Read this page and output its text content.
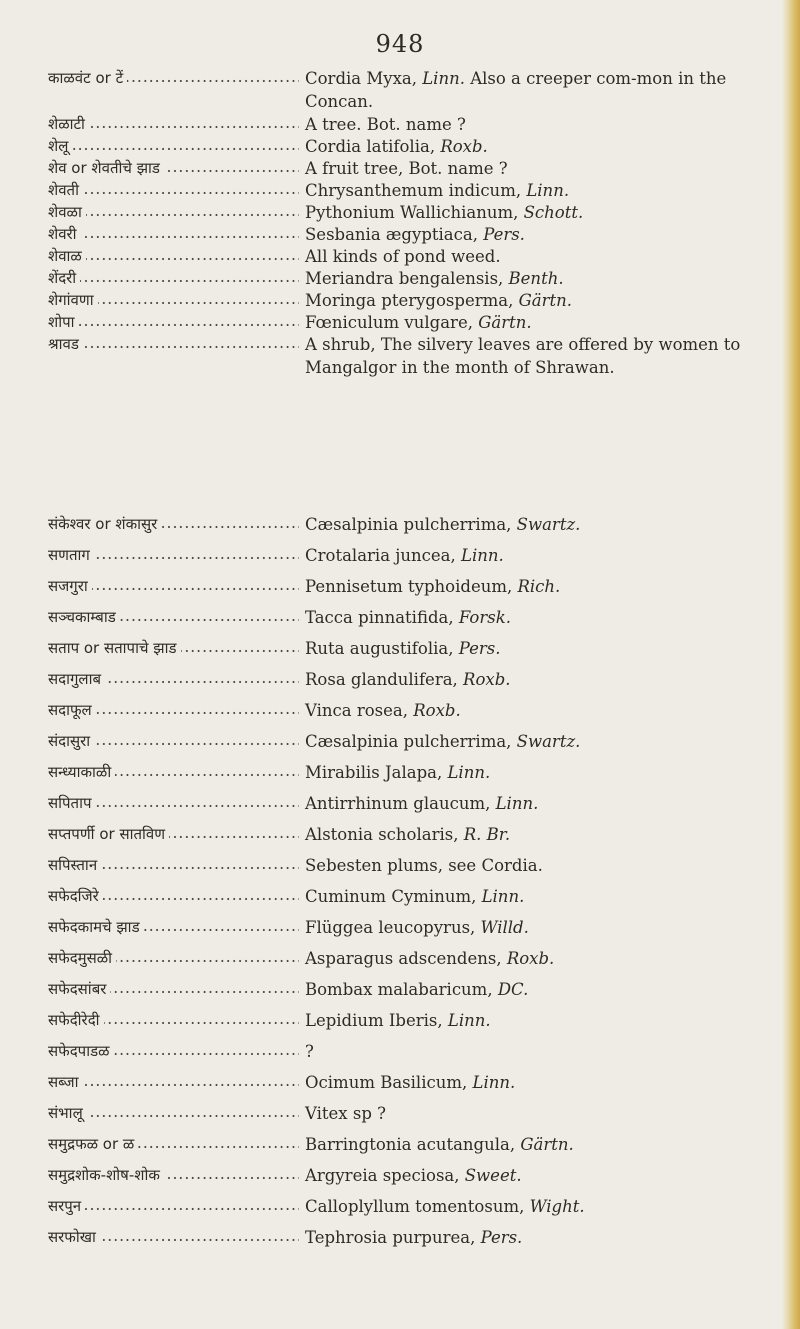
948
काळवंट or टें .....	Cordia Myxa, Linn. Also a creeper com-mon in the Concan.
शेळाटी .....	A tree. Bot. name ?
शेलू .....	Cordia latifolia, Roxb.
शेव or शेवतीचे झाड .....	A fruit tree, Bot. name ?
शेवती .....	Chrysanthemum indicum, Linn.
शेवळा .....	Pythonium Wallichianum, Schott.
शेवरी .....	Sesbania ægyptiaca, Pers.
शेवाळ .....	All kinds of pond weed.
शेंदरी .....	Meriandra bengalensis, Benth.
शेगांवणा .....	Moringa pterygosperma, Gärtn.
शोपा .....	Fœniculum vulgare, Gärtn.
श्रावड .....	A shrub, The silvery leaves are offered by women to Mangalgor in the month of Shrawan.
संकेश्वर or शंकासुर .....	Cæsalpinia pulcherrima, Swartz.
सणताग .....	Crotalaria juncea, Linn.
सजगुरा .....	Pennisetum typhoideum, Rich.
सञ्चकाम्बाड .....	Tacca pinnatifida, Forsk.
सताप or सतापाचे झाड .....	Ruta augustifolia, Pers.
सदागुलाब .....	Rosa glandulifera, Roxb.
सदाफूल .....	Vinca rosea, Roxb.
संदासुरा .....	Cæsalpinia pulcherrima, Swartz.
सन्ध्याकाळी .....	Mirabilis Jalapa, Linn.
सपिताप .....	Antirrhinum glaucum, Linn.
सप्तपर्णी or सातविण .....	Alstonia scholaris, R. Br.
सपिस्तान .....	Sebesten plums, see Cordia.
सफेदजिरे .....	Cuminum Cyminum, Linn.
सफेदकामचे झाड .....	Flüggea leucopyrus, Willd.
सफेदमुसळी .....	Asparagus adscendens, Roxb.
सफेदसांबर .....	Bombax malabaricum, DC.
सफेदीरेदी .....	Lepidium Iberis, Linn.
सफेदपाडळ .....	?
सब्जा .....	Ocimum Basilicum, Linn.
संभालू .....	Vitex sp ?
समुद्रफळ or ळ .....	Barringtonia acutangula, Gärtn.
समुद्रशोक-शोष-शोक .....	Argyreia speciosa, Sweet.
सरपुन .....	Calloplyllum tomentosum, Wight.
सरफोखा .....	Tephrosia purpurea, Pers.
